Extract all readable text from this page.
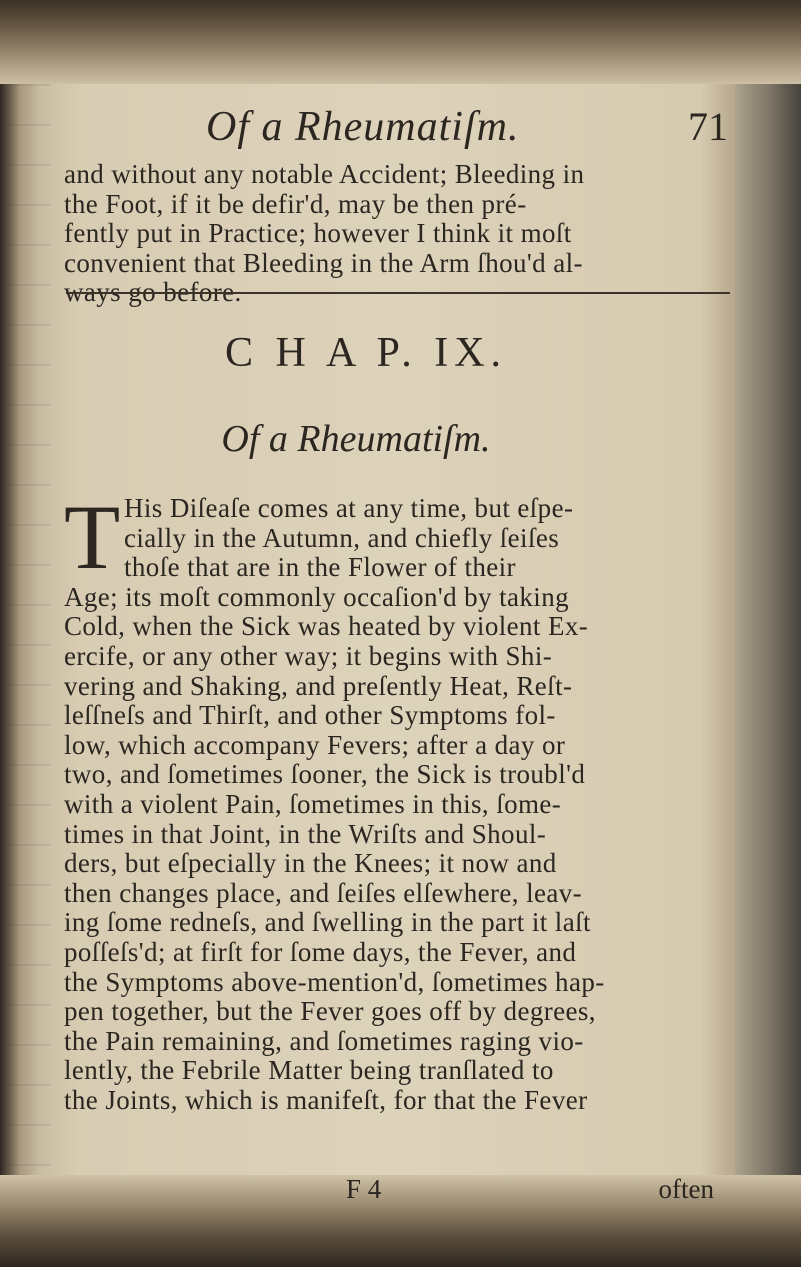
Of a Rheumatiſm.	71
and without any notable Accident; Bleeding in
the Foot, if it be defir'd, may be then pré-
fently put in Practice; however I think it moſt
convenient that Bleeding in the Arm ſhou'd al-
ways go before.
C H A P. IX.
Of a Rheumatiſm.
T His Diſeaſe comes at any time, but eſpe-
cially in the Autumn, and chiefly ſeiſes
thoſe that are in the Flower of their
Age; its moſt commonly occaſion'd by taking
Cold, when the Sick was heated by violent Ex-
ercife, or any other way; it begins with Shi-
vering and Shaking, and preſently Heat, Reſt-
leſſneſs and Thirſt, and other Symptoms fol-
low, which accompany Fevers; after a day or
two, and ſometimes ſooner, the Sick is troubl'd
with a violent Pain, ſometimes in this, ſome-
times in that Joint, in the Wriſts and Shoul-
ders, but eſpecially in the Knees; it now and
then changes place, and ſeiſes elſewhere, leav-
ing ſome redneſs, and ſwelling in the part it laſt
poſſeſs'd; at firſt for ſome days, the Fever, and
the Symptoms above-mention'd, ſometimes hap-
pen together, but the Fever goes off by degrees,
the Pain remaining, and ſometimes raging vio-
lently, the Febrile Matter being tranſlated to
the Joints, which is manifeſt, for that the Fever
F 4	often
